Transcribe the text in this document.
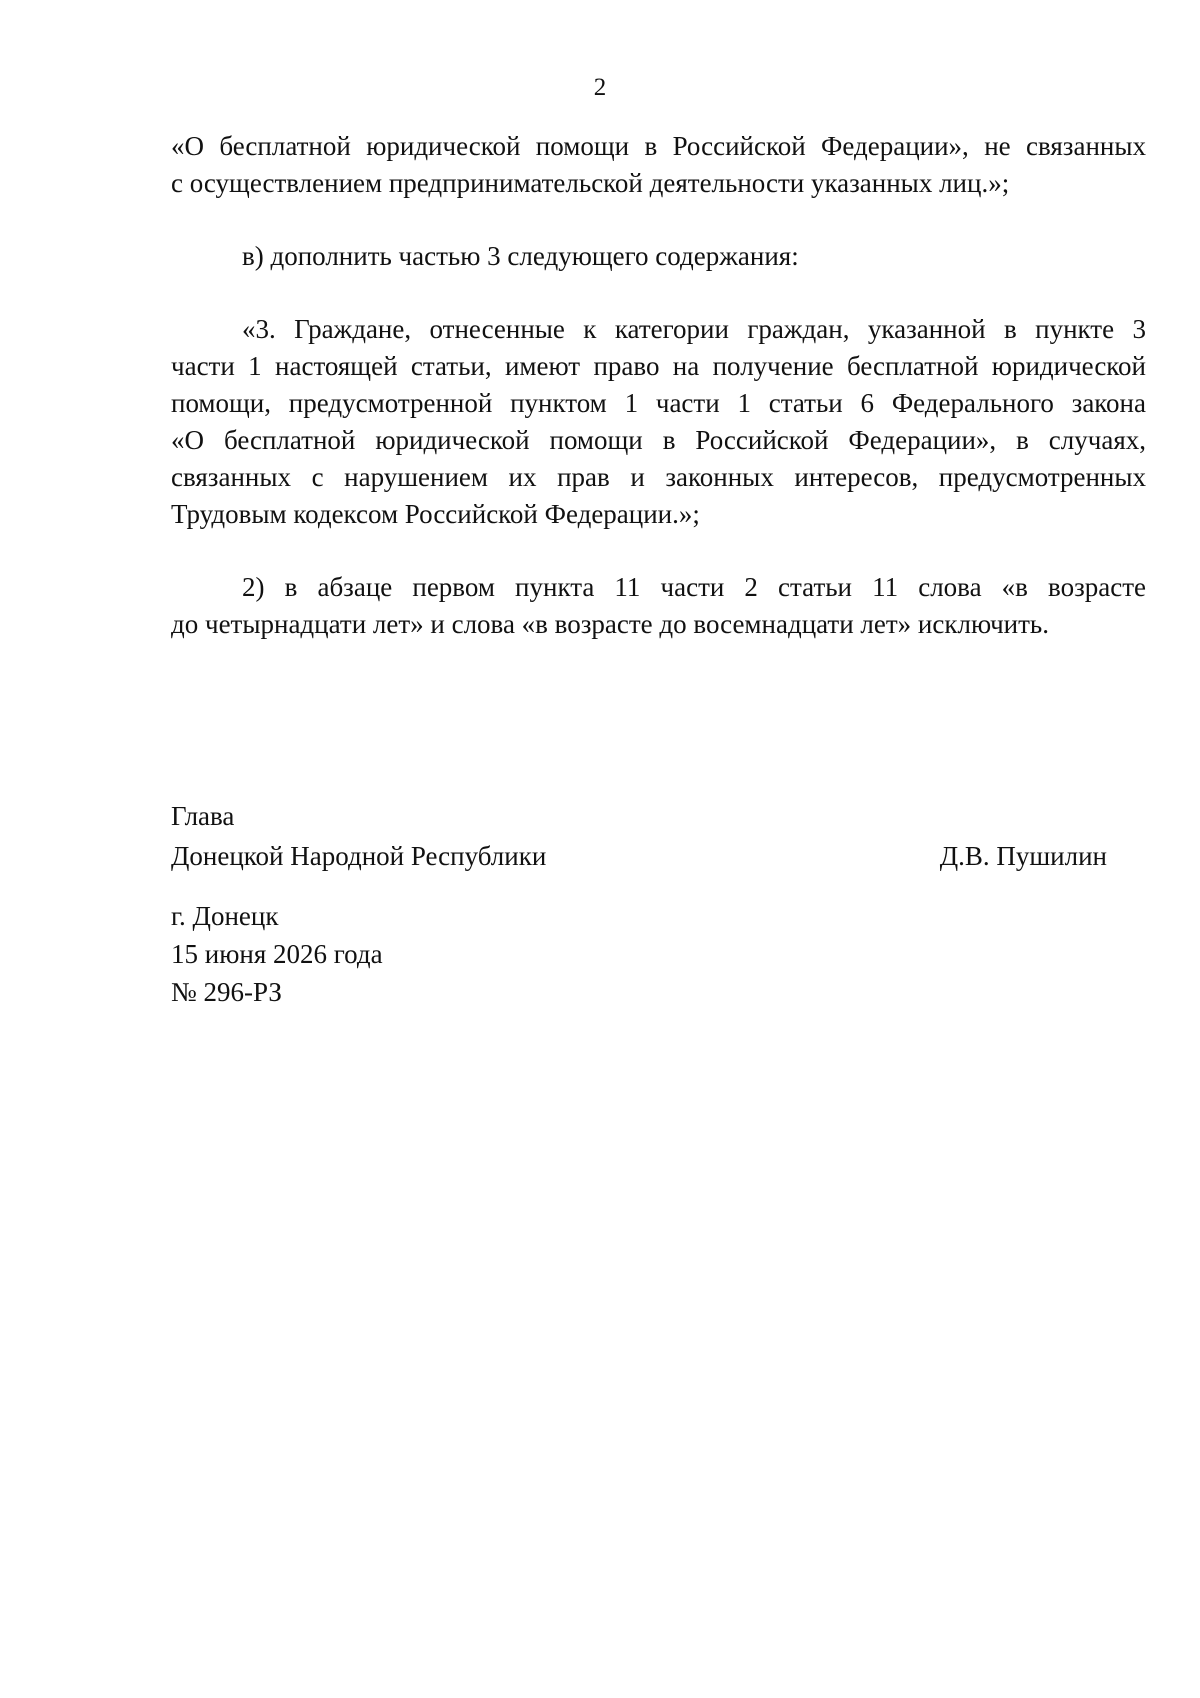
2

«О бесплатной юридической помощи в Российской Федерации», не связанных
с осуществлением предпринимательской деятельности указанных лиц.»;

в) дополнить частью 3 следующего содержания:

«3. Граждане, отнесенные к категории граждан, указанной в пункте 3
части 1 настоящей статьи, имеют право на получение бесплатной юридической
помощи, предусмотренной пунктом 1 части 1 статьи 6 Федерального закона
«О бесплатной юридической помощи в Российской Федерации», в случаях,
связанных с нарушением их прав и законных интересов, предусмотренных
Трудовым кодексом Российской Федерации.»;

2) в абзаце первом пункта 11 части 2 статьи 11 слова «в возрасте
до четырнадцати лет» и слова «в возрасте до восемнадцати лет» исключить.

Глава
Донецкой Народной Республики	Д.В. Пушилин
г. Донецк
15 июня 2026 года
№ 296-РЗ
